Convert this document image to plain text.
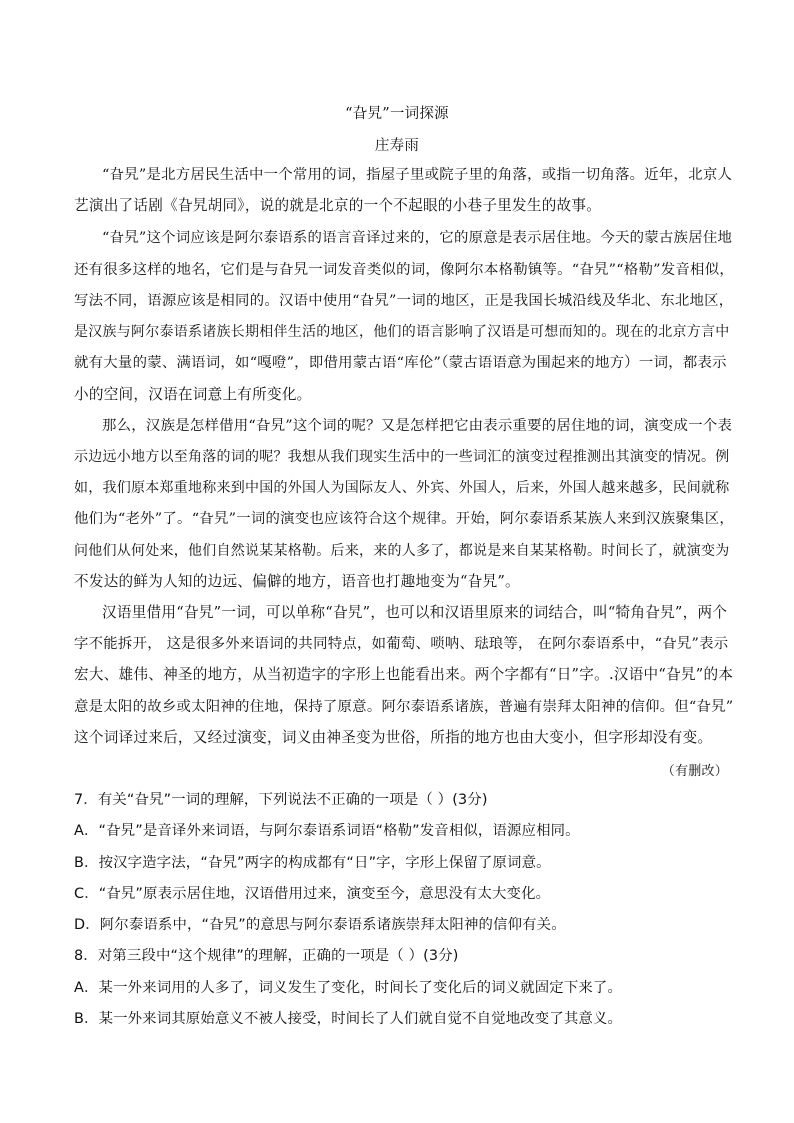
“旮旯”一词探源
庄寿雨
“旮旯”是北方居民生活中一个常用的词，指屋子里或院子里的角落，或指一切角落。近年，北京人
艺演出了话剧《旮旯胡同》，说的就是北京的一个不起眼的小巷子里发生的故事。
“旮旯”这个词应该是阿尔泰语系的语言音译过来的，它的原意是表示居住地。今天的蒙古族居住地
还有很多这样的地名，它们是与旮旯一词发音类似的词，像阿尔本格勒镇等。“旮旯”“格勒”发音相似，
写法不同，语源应该是相同的。汉语中使用“旮旯”一词的地区，正是我国长城沿线及华北、东北地区，
是汉族与阿尔泰语系诸族长期相伴生活的地区，他们的语言影响了汉语是可想而知的。现在的北京方言中
就有大量的蒙、满语词，如“嘎噔”，即借用蒙古语“库伦”（蒙古语语意为围起来的地方）一词，都表示
小的空间，汉语在词意上有所变化。
那么，汉族是怎样借用“旮旯”这个词的呢？又是怎样把它由表示重要的居住地的词，演变成一个表
示边远小地方以至角落的词的呢？我想从我们现实生活中的一些词汇的演变过程推测出其演变的情况。例
如，我们原本郑重地称来到中国的外国人为国际友人、外宾、外国人，后来，外国人越来越多，民间就称
他们为“老外”了。“旮旯”一词的演变也应该符合这个规律。开始，阿尔泰语系某族人来到汉族聚集区，
问他们从何处来，他们自然说某某格勒。后来，来的人多了，都说是来自某某格勒。时间长了，就演变为
不发达的鲜为人知的边远、偏僻的地方，语音也打趣地变为“旮旯”。
汉语里借用“旮旯”一词，可以单称“旮旯”，也可以和汉语里原来的词结合，叫“犄角旮旯”，两个
字不能拆开， 这是很多外来语词的共同特点，如葡萄、唢呐、琺琅等， 在阿尔泰语系中，“旮旯”表示
宏大、雄伟、神圣的地方，从当初造字的字形上也能看出来。两个字都有“日”字。.汉语中“旮旯”的本
意是太阳的故乡或太阳神的住地，保持了原意。阿尔泰语系诸族，普遍有崇拜太阳神的信仰。但“旮旯”
这个词译过来后，又经过演变，词义由神圣变为世俗，所指的地方也由大变小，但字形却没有变。
（有删改）
7．有关“旮旯”一词的理解，下列说法不正确的一项是（ ）(3分)
A．“旮旯”是音译外来词语，与阿尔泰语系词语“格勒”发音相似，语源应相同。
B．按汉字造字法，“旮旯”两字的构成都有“日”字，字形上保留了原词意。
C．“旮旯”原表示居住地，汉语借用过来，演变至今，意思没有太大变化。
D．阿尔泰语系中，“旮旯”的意思与阿尔泰语系诸族崇拜太阳神的信仰有关。
8．对第三段中“这个规律”的理解，正确的一项是（ ）(3分)
A．某一外来词用的人多了，词义发生了变化，时间长了变化后的词义就固定下来了。
B．某一外来词其原始意义不被人接受，时间长了人们就自觉不自觉地改变了其意义。
